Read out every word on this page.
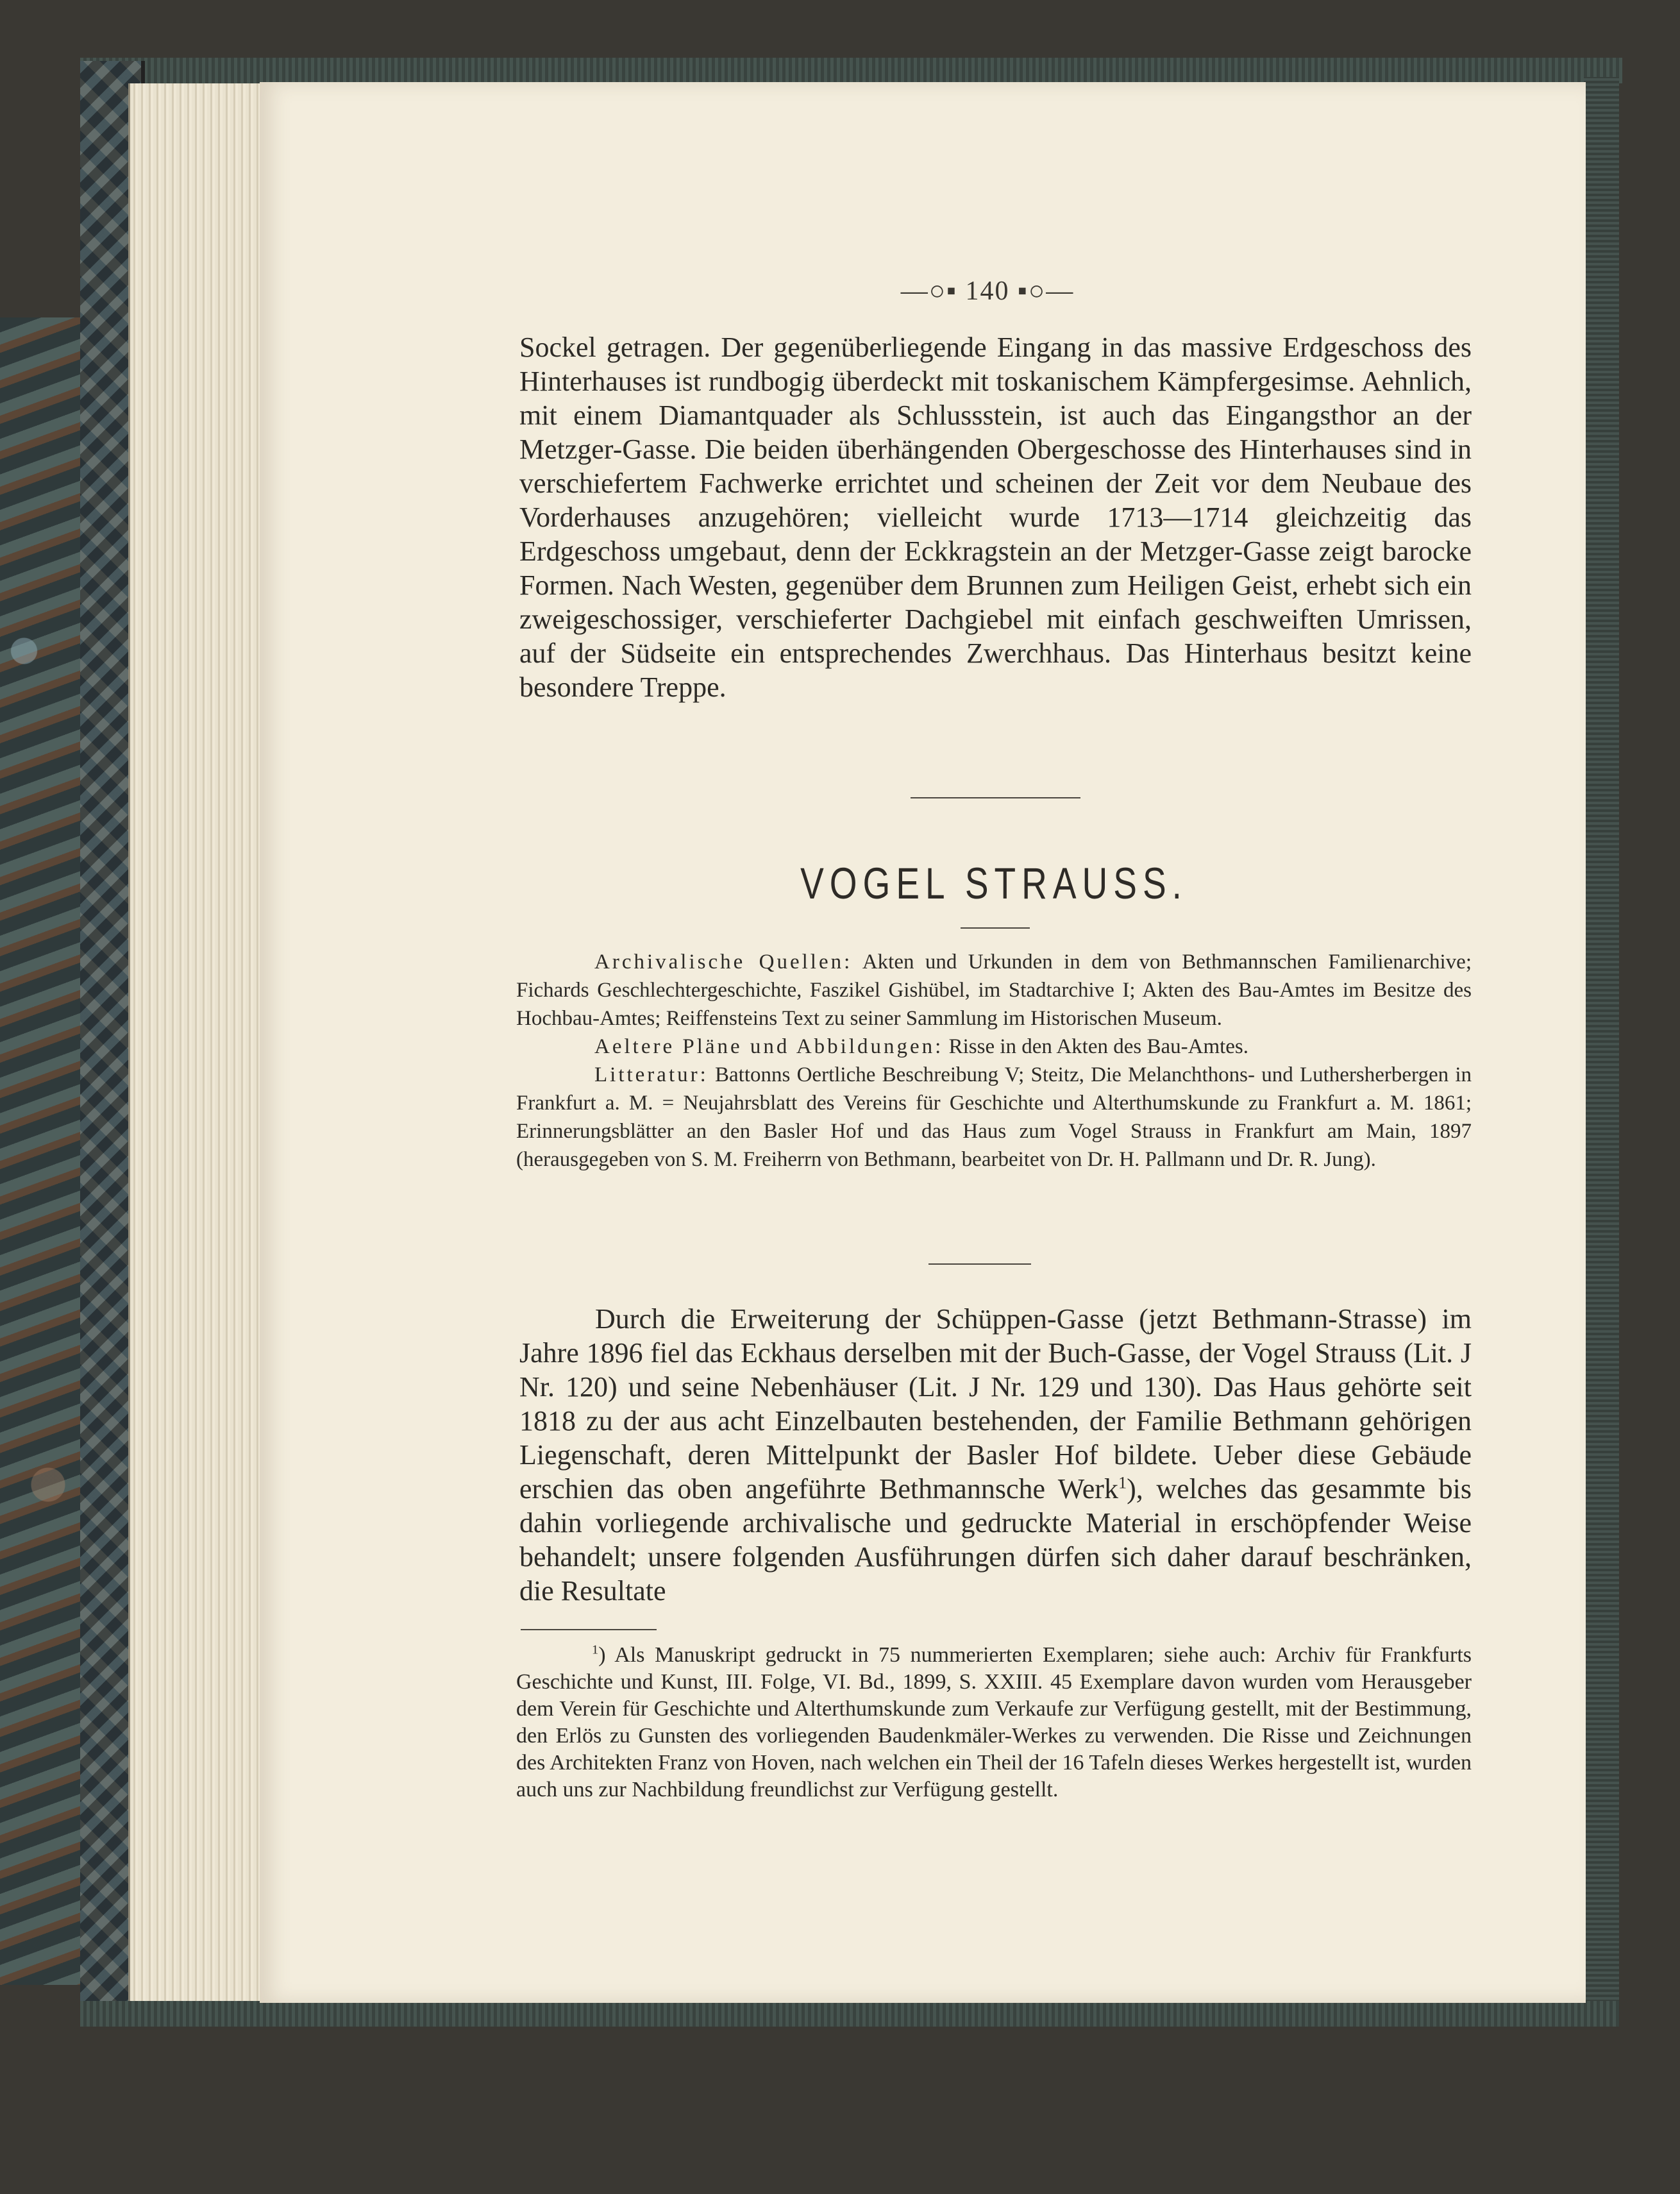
—○▪ 140 ▪○—

Sockel getragen. Der gegenüberliegende Eingang in das massive Erdgeschoss des Hinterhauses ist rundbogig überdeckt mit toskanischem Kämpfergesimse. Aehnlich, mit einem Diamantquader als Schlussstein, ist auch das Eingangsthor an der Metzger-Gasse. Die beiden überhängenden Obergeschosse des Hinterhauses sind in verschiefertem Fachwerke errichtet und scheinen der Zeit vor dem Neubaue des Vorderhauses anzugehören; vielleicht wurde 1713—1714 gleichzeitig das Erdgeschoss umgebaut, denn der Eckkragstein an der Metzger-Gasse zeigt barocke Formen. Nach Westen, gegenüber dem Brunnen zum Heiligen Geist, erhebt sich ein zweigeschossiger, verschieferter Dachgiebel mit einfach geschweiften Umrissen, auf der Südseite ein entsprechendes Zwerchhaus. Das Hinterhaus besitzt keine besondere Treppe.

VOGEL STRAUSS.

Archivalische Quellen: Akten und Urkunden in dem von Bethmannschen Familienarchive; Fichards Geschlechtergeschichte, Faszikel Gishübel, im Stadtarchive I; Akten des Bau-Amtes im Besitze des Hochbau-Amtes; Reiffensteins Text zu seiner Sammlung im Historischen Museum.

Aeltere Pläne und Abbildungen: Risse in den Akten des Bau-Amtes.

Litteratur: Battonns Oertliche Beschreibung V; Steitz, Die Melanchthons- und Luthersherbergen in Frankfurt a. M. = Neujahrsblatt des Vereins für Geschichte und Alterthumskunde zu Frankfurt a. M. 1861; Erinnerungsblätter an den Basler Hof und das Haus zum Vogel Strauss in Frankfurt am Main, 1897 (herausgegeben von S. M. Freiherrn von Bethmann, bearbeitet von Dr. H. Pallmann und Dr. R. Jung).

Durch die Erweiterung der Schüppen-Gasse (jetzt Bethmann-Strasse) im Jahre 1896 fiel das Eckhaus derselben mit der Buch-Gasse, der Vogel Strauss (Lit. J Nr. 120) und seine Nebenhäuser (Lit. J Nr. 129 und 130). Das Haus gehörte seit 1818 zu der aus acht Einzelbauten bestehenden, der Familie Bethmann gehörigen Liegenschaft, deren Mittelpunkt der Basler Hof bildete. Ueber diese Gebäude erschien das oben angeführte Bethmannsche Werk$^1$), welches das gesammte bis dahin vorliegende archivalische und gedruckte Material in erschöpfender Weise behandelt; unsere folgenden Ausführungen dürfen sich daher darauf beschränken, die Resultate

$^1$) Als Manuskript gedruckt in 75 nummerierten Exemplaren; siehe auch: Archiv für Frankfurts Geschichte und Kunst, III. Folge, VI. Bd., 1899, S. XXIII. 45 Exemplare davon wurden vom Herausgeber dem Verein für Geschichte und Alterthumskunde zum Verkaufe zur Verfügung gestellt, mit der Bestimmung, den Erlös zu Gunsten des vorliegenden Baudenkmäler-Werkes zu verwenden. Die Risse und Zeichnungen des Architekten Franz von Hoven, nach welchen ein Theil der 16 Tafeln dieses Werkes hergestellt ist, wurden auch uns zur Nachbildung freundlichst zur Verfügung gestellt.
